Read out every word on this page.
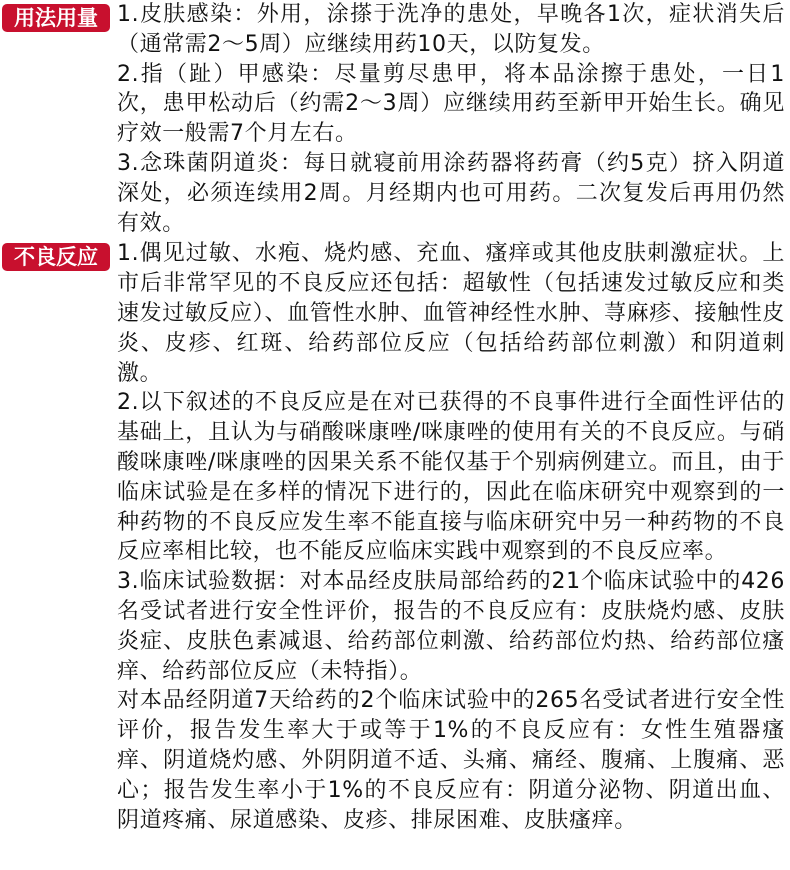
用法用量 1.皮肤感染：外用，涂搽于洗净的患处，早晚各1次，症状消失后（通常需2～5周）应继续用药10天，以防复发。

2.指（趾）甲感染：尽量剪尽患甲，将本品涂擦于患处，一日1次，患甲松动后（约需2～3周）应继续用药至新甲开始生长。确见疗效一般需7个月左右。

3.念珠菌阴道炎：每日就寝前用涂药器将药膏（约5克）挤入阴道深处，必须连续用2周。月经期内也可用药。二次复发后再用仍然有效。

不良反应 1.偶见过敏、水疱、烧灼感、充血、瘙痒或其他皮肤刺激症状。上市后非常罕见的不良反应还包括：超敏性（包括速发过敏反应和类速发过敏反应）、血管性水肿、血管神经性水肿、荨麻疹、接触性皮炎、皮疹、红斑、给药部位反应（包括给药部位刺激）和阴道刺激。

2.以下叙述的不良反应是在对已获得的不良事件进行全面性评估的基础上，且认为与硝酸咪康唑/咪康唑的使用有关的不良反应。与硝酸咪康唑/咪康唑的因果关系不能仅基于个别病例建立。而且，由于临床试验是在多样的情况下进行的，因此在临床研究中观察到的一种药物的不良反应发生率不能直接与临床研究中另一种药物的不良反应率相比较，也不能反应临床实践中观察到的不良反应率。

3.临床试验数据：对本品经皮肤局部给药的21个临床试验中的426名受试者进行安全性评价，报告的不良反应有：皮肤烧灼感、皮肤炎症、皮肤色素减退、给药部位刺激、给药部位灼热、给药部位瘙痒、给药部位反应（未特指）。

对本品经阴道7天给药的2个临床试验中的265名受试者进行安全性评价，报告发生率大于或等于1%的不良反应有：女性生殖器瘙痒、阴道烧灼感、外阴阴道不适、头痛、痛经、腹痛、上腹痛、恶心；报告发生率小于1%的不良反应有：阴道分泌物、阴道出血、阴道疼痛、尿道感染、皮疹、排尿困难、皮肤瘙痒。
